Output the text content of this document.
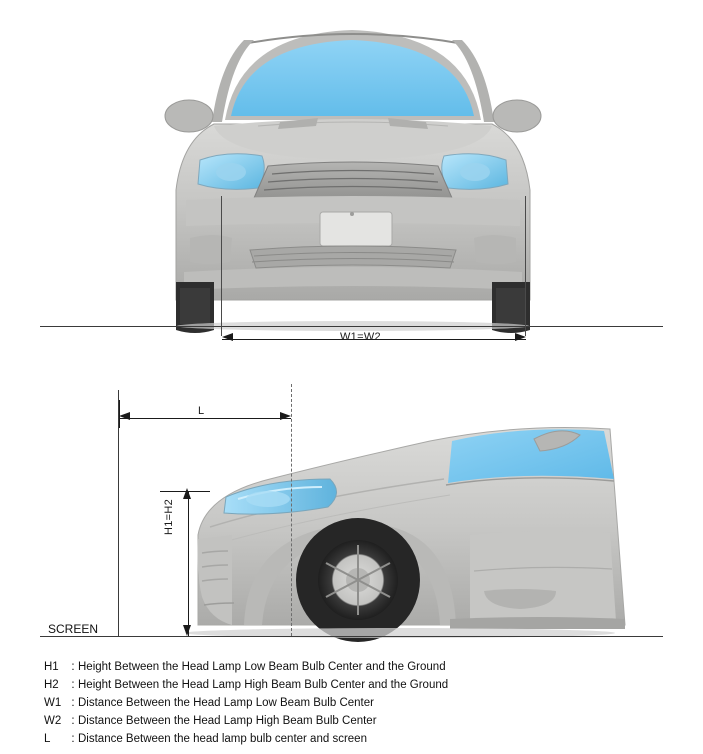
W1=W2
SCREEN
L
H1=H2
H1	: Height Between the Head Lamp Low Beam Bulb Center and the Ground
H2	: Height Between the Head Lamp High Beam Bulb Center and the Ground
W1 : Distance Between the Head Lamp Low Beam Bulb Center
W2 : Distance Between the Head Lamp High Beam Bulb Center
L	: Distance Between the head lamp bulb center and screen
